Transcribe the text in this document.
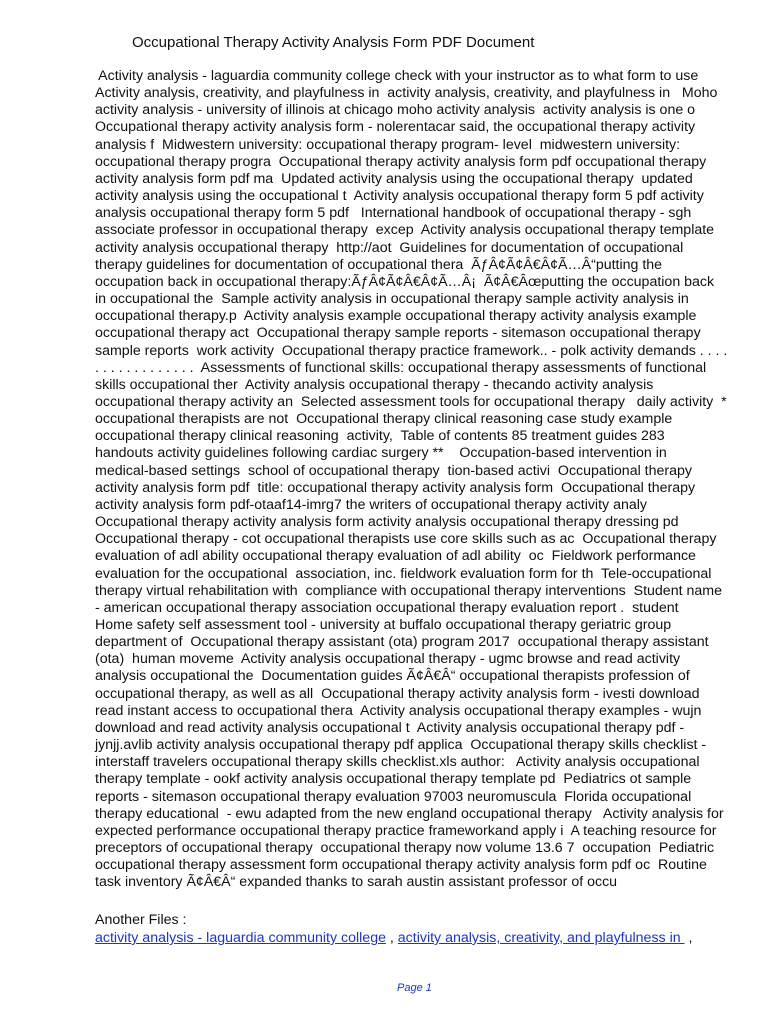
Occupational Therapy Activity Analysis Form PDF Document
Activity analysis - laguardia community college check with your instructor as to what form to use
Activity analysis, creativity, and playfulness in  activity analysis, creativity, and playfulness in   Moho
activity analysis - university of illinois at chicago moho activity analysis  activity analysis is one o
Occupational therapy activity analysis form - nolerentacar said, the occupational therapy activity
analysis f  Midwestern university: occupational therapy program- level  midwestern university:
occupational therapy progra  Occupational therapy activity analysis form pdf occupational therapy
activity analysis form pdf ma  Updated activity analysis using the occupational therapy  updated
activity analysis using the occupational t  Activity analysis occupational therapy form 5 pdf activity
analysis occupational therapy form 5 pdf   International handbook of occupational therapy - sgh
associate professor in occupational therapy  excep  Activity analysis occupational therapy template
activity analysis occupational therapy  http://aot  Guidelines for documentation of occupational
therapy guidelines for documentation of occupational thera  ÃƒÂ¢Ã¢Â€Â¢Ã…Â“putting the
occupation back in occupational therapy:ÃƒÂ¢Ã¢Â€Â¢Ã…Â¡  Ã¢Â€Âœputting the occupation back
in occupational the  Sample activity analysis in occupational therapy sample activity analysis in
occupational therapy.p  Activity analysis example occupational therapy activity analysis example
occupational therapy act  Occupational therapy sample reports - sitemason occupational therapy
sample reports  work activity  Occupational therapy practice framework.. - polk activity demands . . . .
. . . . . . . . . . . . .  Assessments of functional skills: occupational therapy assessments of functional
skills occupational ther  Activity analysis occupational therapy - thecando activity analysis
occupational therapy activity an  Selected assessment tools for occupational therapy   daily activity  *
occupational therapists are not  Occupational therapy clinical reasoning case study example
occupational therapy clinical reasoning  activity,  Table of contents 85 treatment guides 283
handouts activity guidelines following cardiac surgery **    Occupation-based intervention in
medical-based settings  school of occupational therapy  tion-based activi  Occupational therapy
activity analysis form pdf  title: occupational therapy activity analysis form  Occupational therapy
activity analysis form pdf-otaaf14-imrg7 the writers of occupational therapy activity analy
Occupational therapy activity analysis form activity analysis occupational therapy dressing pd
Occupational therapy - cot occupational therapists use core skills such as ac  Occupational therapy
evaluation of adl ability occupational therapy evaluation of adl ability  oc  Fieldwork performance
evaluation for the occupational  association, inc. fieldwork evaluation form for th  Tele-occupational
therapy virtual rehabilitation with  compliance with occupational therapy interventions  Student name
- american occupational therapy association occupational therapy evaluation report .  student
Home safety self assessment tool - university at buffalo occupational therapy geriatric group
department of  Occupational therapy assistant (ota) program 2017  occupational therapy assistant
(ota)  human moveme  Activity analysis occupational therapy - ugmc browse and read activity
analysis occupational the  Documentation guides Ã¢Â€Â“ occupational therapists profession of
occupational therapy, as well as all  Occupational therapy activity analysis form - ivesti download
read instant access to occupational thera  Activity analysis occupational therapy examples - wujn
download and read activity analysis occupational t  Activity analysis occupational therapy pdf -
jynjj.avlib activity analysis occupational therapy pdf applica  Occupational therapy skills checklist -
interstaff travelers occupational therapy skills checklist.xls author:   Activity analysis occupational
therapy template - ookf activity analysis occupational therapy template pd  Pediatrics ot sample
reports - sitemason occupational therapy evaluation 97003 neuromuscula  Florida occupational
therapy educational  - ewu adapted from the new england occupational therapy   Activity analysis for
expected performance occupational therapy practice frameworkand apply i  A teaching resource for
preceptors of occupational therapy  occupational therapy now volume 13.6 7  occupation  Pediatric
occupational therapy assessment form occupational therapy activity analysis form pdf oc  Routine
task inventory Ã¢Â€Â“ expanded thanks to sarah austin assistant professor of occu
Another Files :
activity analysis - laguardia community college , activity analysis, creativity, and playfulness in  ,
Page 1
